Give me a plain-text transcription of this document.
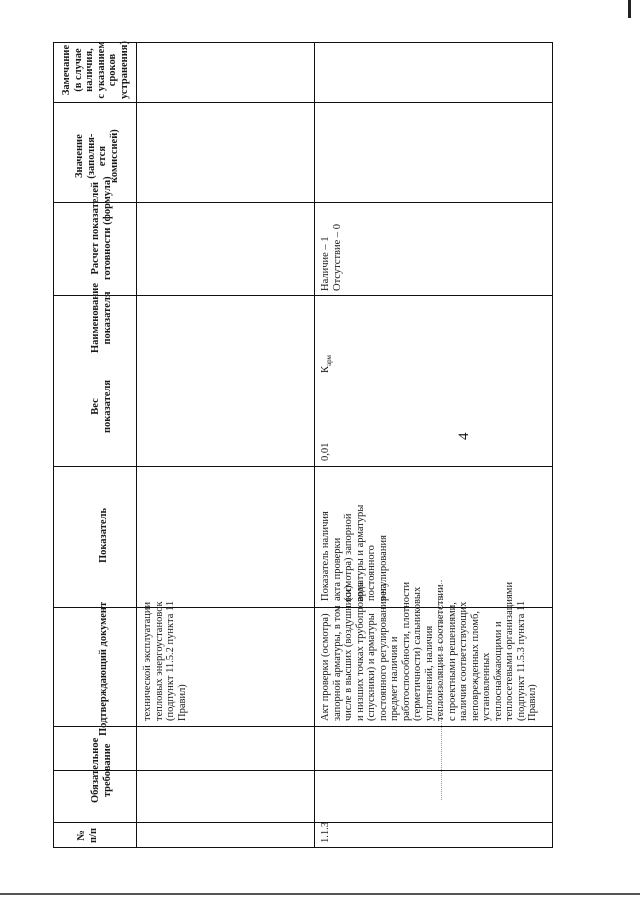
4
№
п/п
Обязательное
требование
Подтверждающий документ
Показатель
Вес
показателя
Наименование
показателя
Расчет показателей
готовности (формула)
Значение
(заполня-
ется
комиссией)
Замечание
(в случае
наличия,
с указанием
сроков
устранения)
технической эксплуатации
тепловых энергоустановок
(подпункт 11.5.2 пункта 11
Правил)
1.1.3
Акт проверки (осмотра)
запорной арматуры, в том
числе в высших (воздушники)
и низших точках трубопровода
(спускники) и арматуры
постоянного регулирования на
предмет наличия и
работоспособности, плотности
(герметичности) сальниковых
уплотнений, наличия
теплоизоляции в соответствии
с проектными решениями,
наличия соответствующих
неповрежденных пломб,
установленных
теплоснабжающими и
теплосетевыми организациями
(подпункт 11.5.3 пункта 11
Правил)
Показатель наличия
акта проверки
(осмотра) запорной
арматуры и арматуры
постоянного
регулирования
0,01
$К_{арм}$
Наличие – 1
Отсутствие – 0
